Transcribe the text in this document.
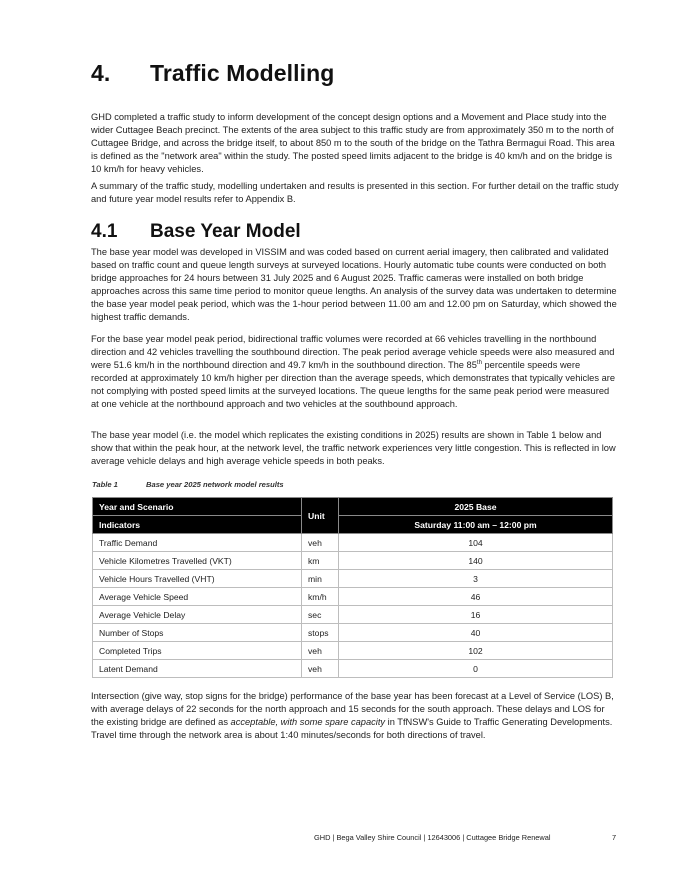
4. Traffic Modelling

GHD completed a traffic study to inform development of the concept design options and a Movement and Place study into the wider Cuttagee Beach precinct. The extents of the area subject to this traffic study are from approximately 350 m to the north of Cuttagee Bridge, and across the bridge itself, to about 850 m to the south of the bridge on the Tathra Bermagui Road. This area is defined as the "network area" within the study. The posted speed limits adjacent to the bridge is 40 km/h and on the bridge is 10 km/h for heavy vehicles.

A summary of the traffic study, modelling undertaken and results is presented in this section. For further detail on the traffic study and future year model results refer to Appendix B.

4.1 Base Year Model

The base year model was developed in VISSIM and was coded based on current aerial imagery, then calibrated and validated based on traffic count and queue length surveys at surveyed locations. Hourly automatic tube counts were conducted on both bridge approaches for 24 hours between 31 July 2025 and 6 August 2025. Traffic cameras were installed on both bridge approaches across this same time period to monitor queue lengths. An analysis of the survey data was undertaken to determine the base year model peak period, which was the 1-hour period between 11.00 am and 12.00 pm on Saturday, which showed the highest traffic demands.

For the base year model peak period, bidirectional traffic volumes were recorded at 66 vehicles travelling in the northbound direction and 42 vehicles travelling the southbound direction. The peak period average vehicle speeds were also measured and were 51.6 km/h in the northbound direction and 49.7 km/h in the southbound direction. The 85th percentile speeds were recorded at approximately 10 km/h higher per direction than the average speeds, which demonstrates that typically vehicles are not complying with posted speed limits at the surveyed locations. The queue lengths for the same peak period were measured at one vehicle at the northbound approach and two vehicles at the southbound approach.

The base year model (i.e. the model which replicates the existing conditions in 2025) results are shown in Table 1 below and show that within the peak hour, at the network level, the traffic network experiences very little congestion. This is reflected in low average vehicle delays and high average vehicle speeds in both peaks.

Table 1	Base year 2025 network model results
Year and Scenario	Unit	2025 Base
Indicators		Saturday 11:00 am – 12:00 pm
Traffic Demand	veh	104
Vehicle Kilometres Travelled (VKT)	km	140
Vehicle Hours Travelled (VHT)	min	3
Average Vehicle Speed	km/h	46
Average Vehicle Delay	sec	16
Number of Stops	stops	40
Completed Trips	veh	102
Latent Demand	veh	0

Intersection (give way, stop signs for the bridge) performance of the base year has been forecast at a Level of Service (LOS) B, with average delays of 22 seconds for the north approach and 15 seconds for the south approach. These delays and LOS for the existing bridge are defined as acceptable, with some spare capacity in TfNSW's Guide to Traffic Generating Developments. Travel time through the network area is about 1:40 minutes/seconds for both directions of travel.

GHD | Bega Valley Shire Council | 12643006 | Cuttagee Bridge Renewal	7
